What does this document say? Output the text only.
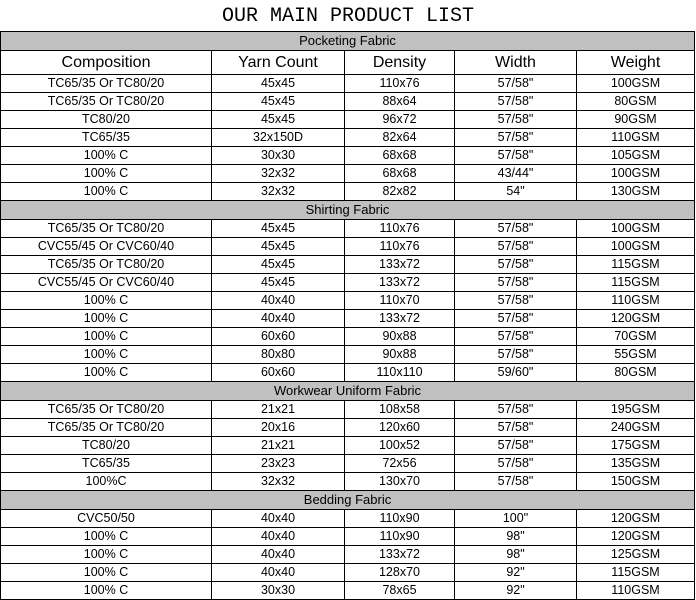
OUR MAIN PRODUCT LIST
Pocketing Fabric				
Composition	Yarn Count	Density	Width	Weight
TC65/35 Or TC80/20	45x45	110x76	57/58"	100GSM
TC65/35 Or TC80/20	45x45	88x64	57/58"	80GSM
TC80/20	45x45	96x72	57/58"	90GSM
TC65/35	32x150D	82x64	57/58"	110GSM
100% C	30x30	68x68	57/58"	105GSM
100% C	32x32	68x68	43/44"	100GSM
100% C	32x32	82x82	54"	130GSM
Shirting Fabric				
TC65/35 Or TC80/20	45x45	110x76	57/58"	100GSM
CVC55/45 Or CVC60/40	45x45	110x76	57/58"	100GSM
TC65/35 Or TC80/20	45x45	133x72	57/58"	115GSM
CVC55/45 Or CVC60/40	45x45	133x72	57/58"	115GSM
100% C	40x40	110x70	57/58"	110GSM
100% C	40x40	133x72	57/58"	120GSM
100% C	60x60	90x88	57/58"	70GSM
100% C	80x80	90x88	57/58"	55GSM
100% C	60x60	110x110	59/60"	80GSM
Workwear Uniform Fabric				
TC65/35 Or TC80/20	21x21	108x58	57/58"	195GSM
TC65/35 Or TC80/20	20x16	120x60	57/58"	240GSM
TC80/20	21x21	100x52	57/58"	175GSM
TC65/35	23x23	72x56	57/58"	135GSM
100%C	32x32	130x70	57/58"	150GSM
Bedding Fabric				
CVC50/50	40x40	110x90	100"	120GSM
100% C	40x40	110x90	98"	120GSM
100% C	40x40	133x72	98"	125GSM
100% C	40x40	128x70	92"	115GSM
100% C	30x30	78x65	92"	110GSM
